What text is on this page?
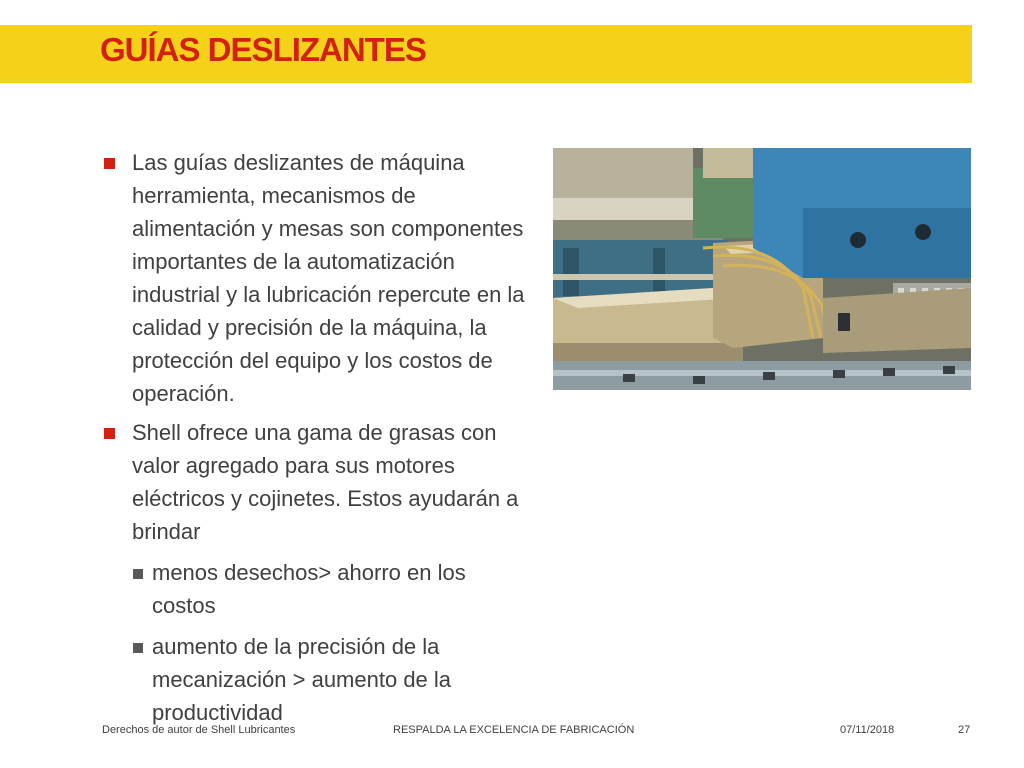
GUÍAS DESLIZANTES
Las guías deslizantes de máquina herramienta, mecanismos de alimentación y mesas son componentes importantes de la automatización industrial y la lubricación repercute en la calidad y precisión de la máquina, la protección del equipo y los costos de operación.
Shell ofrece una gama de grasas con valor agregado para sus motores eléctricos y cojinetes. Estos ayudarán a brindar
menos desechos> ahorro en los costos
aumento de la precisión de la mecanización > aumento de la productividad
Derechos de autor de Shell Lubricantes	RESPALDA LA EXCELENCIA DE FABRICACIÓN	07/11/2018	27
